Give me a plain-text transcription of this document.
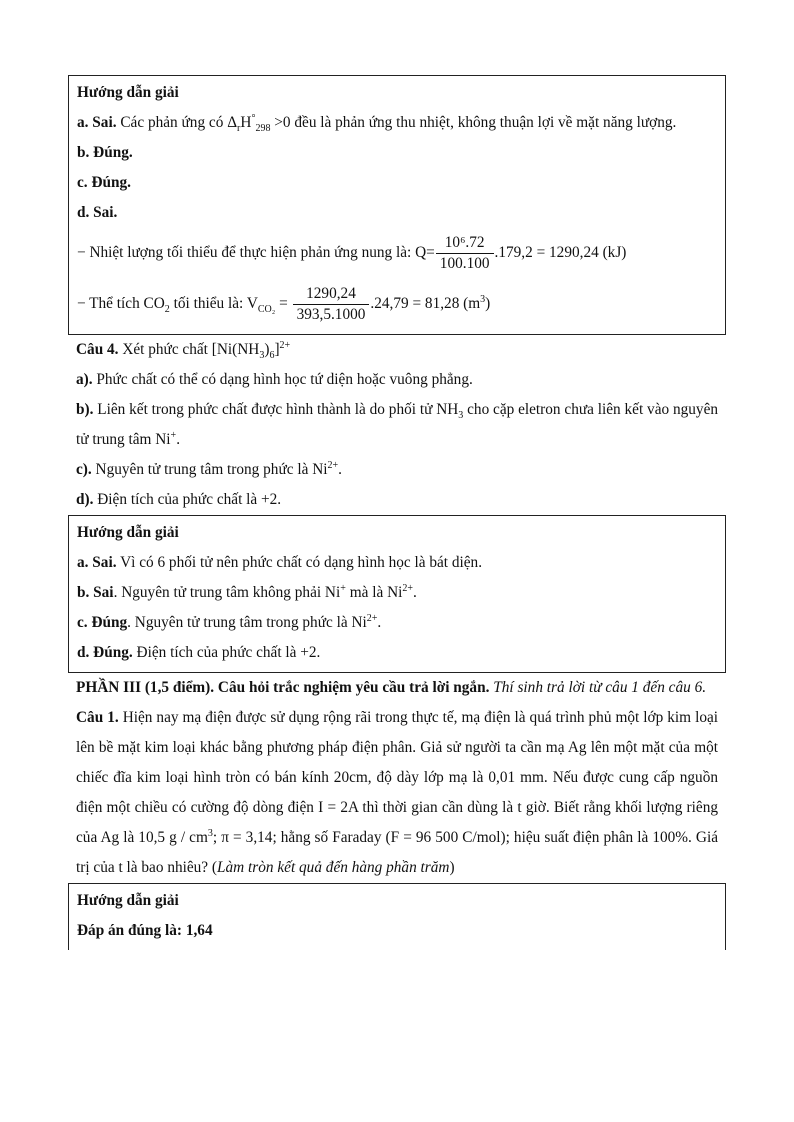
Hướng dẫn giải
a. Sai. Các phản ứng có $\Delta_rH^\circ_{298} >0$ đều là phản ứng thu nhiệt, không thuận lợi về mặt năng lượng.
b. Đúng.
c. Đúng.
d. Sai.
− Nhiệt lượng tối thiểu để thực hiện phản ứng nung là: $Q= \frac{\text{10⁶.72}}{100.100} .179,2 = 1290,24$ (kJ)
− Thể tích $CO_2$ tối thiểu là: $V_{CO_2} = \frac{1290,24}{393,5.1000} .24,79 = 81,28$ $(m^3)$
Câu 4. Xét phức chất $[Ni(NH_3)_6]^{2+}$
a). Phức chất có thể có dạng hình học tứ diện hoặc vuông phẳng.
b). Liên kết trong phức chất được hình thành là do phối tử $NH_3$ cho cặp eletron chưa liên kết vào nguyên tử trung tâm Ni+.
c). Nguyên tử trung tâm trong phức là $Ni^{2+}$.
d). Điện tích của phức chất là +2.
Hướng dẫn giải
a. Sai. Vì có 6 phối tử nên phức chất có dạng hình học là bát diện.
b. Sai. Nguyên tử trung tâm không phải Ni+ mà là $Ni^{2+}$.
c. Đúng. Nguyên tử trung tâm trong phức là $Ni^{2+}$.
d. Đúng. Điện tích của phức chất là +2.
PHẦN III (1,5 điểm). Câu hỏi trắc nghiệm yêu cầu trả lời ngắn. Thí sinh trả lời từ câu 1 đến câu 6.
Câu 1. Hiện nay mạ điện được sử dụng rộng rãi trong thực tế, mạ điện là quá trình phủ một lớp kim loại lên bề mặt kim loại khác bằng phương pháp điện phân. Giả sử người ta cần mạ Ag lên một mặt của một chiếc đĩa kim loại hình tròn có bán kính 20cm, độ dày lớp mạ là 0,01 mm. Nếu được cung cấp nguồn điện một chiều có cường độ dòng điện I = 2A thì thời gian cần dùng là t giờ. Biết rằng khối lượng riêng của Ag là 10,5 g / $cm^3$; π = 3,14; hằng số Faraday (F = 96 500 C/mol); hiệu suất điện phân là 100%. Giá trị của t là bao nhiêu? (Làm tròn kết quả đến hàng phần trăm)
Hướng dẫn giải
Đáp án đúng là: 1,64
